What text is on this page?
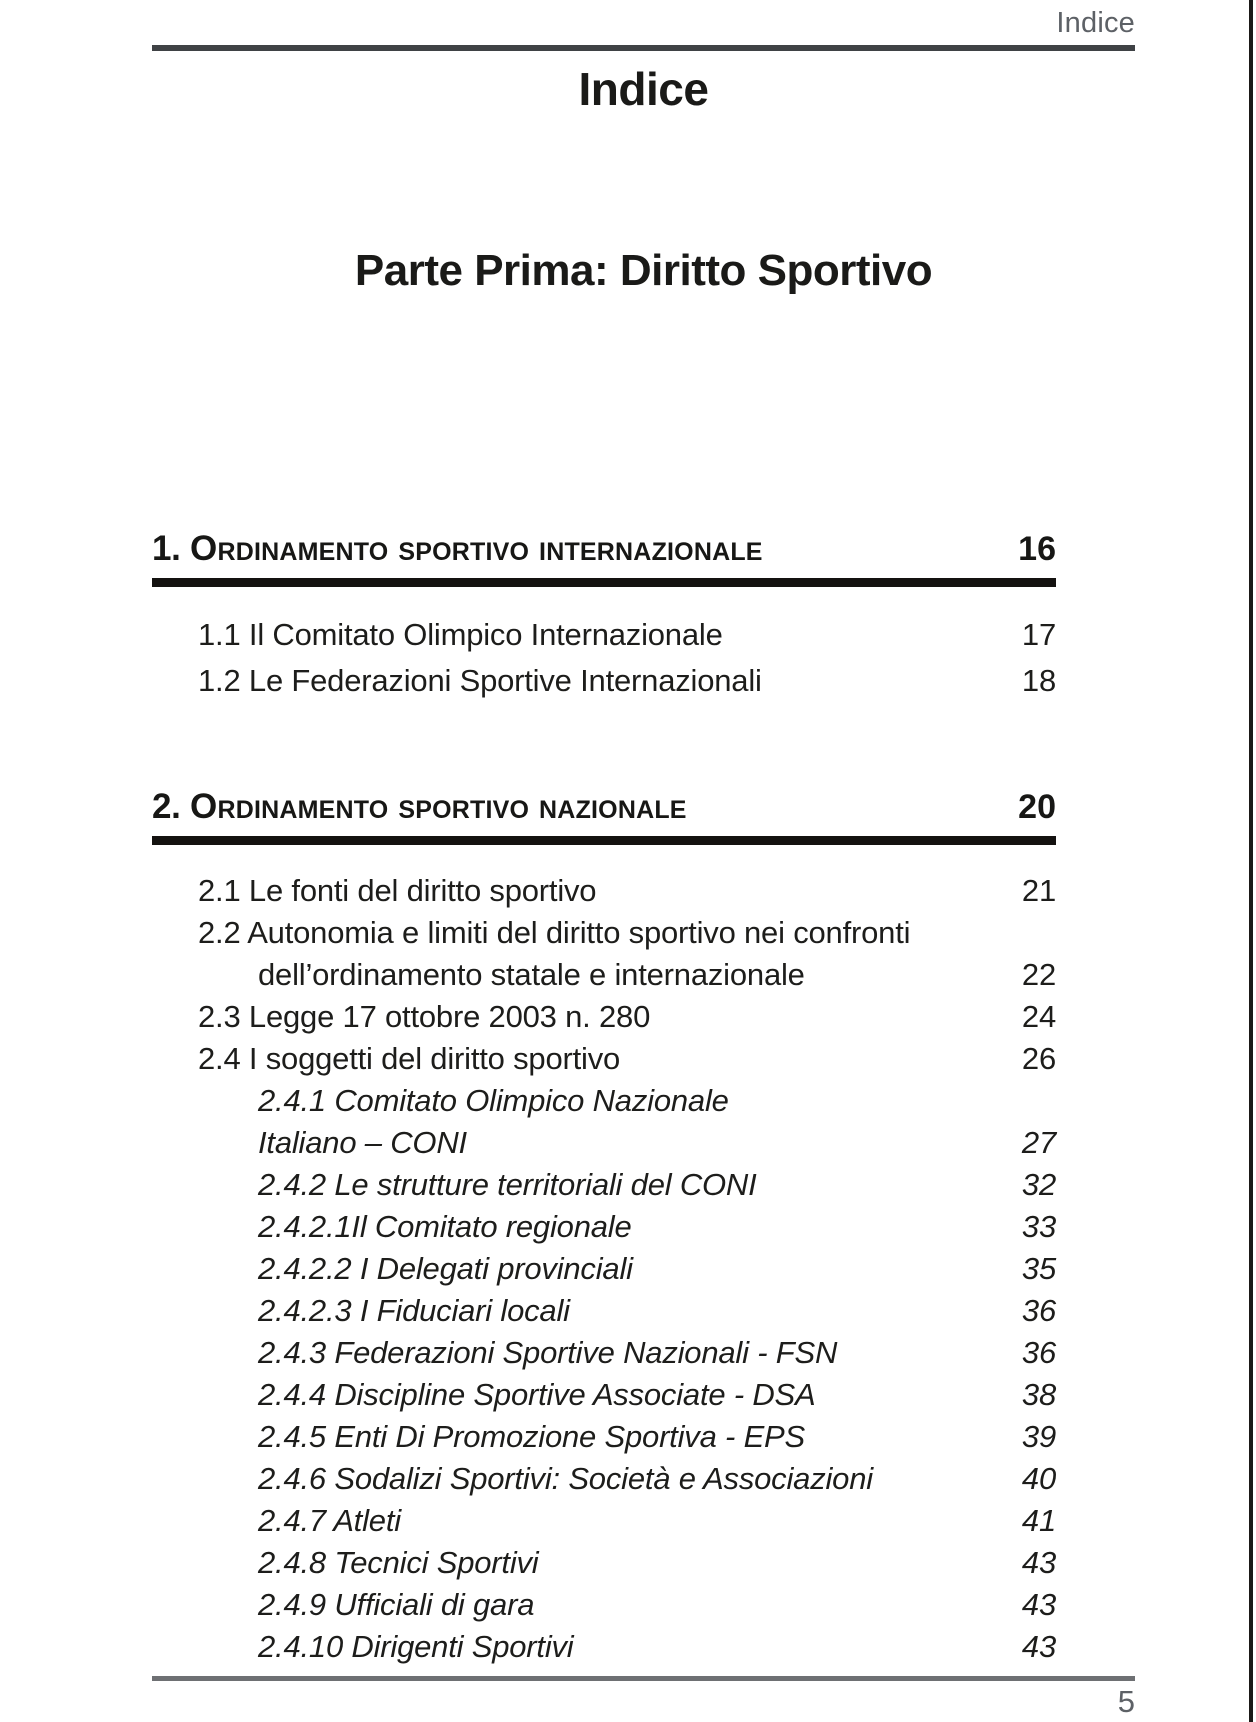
Indice
Indice
Parte Prima: Diritto Sportivo
1. Ordinamento sportivo internazionale	16
1.1 Il Comitato Olimpico Internazionale	17
1.2 Le Federazioni Sportive Internazionali	18
2. Ordinamento sportivo nazionale	20
2.1 Le fonti del diritto sportivo	21
2.2 Autonomia e limiti del diritto sportivo nei confronti
dell’ordinamento statale e internazionale	22
2.3 Legge 17 ottobre 2003 n. 280	24
2.4 I soggetti del diritto sportivo	26
2.4.1 Comitato Olimpico Nazionale
Italiano – CONI	27
2.4.2 Le strutture territoriali del CONI	32
2.4.2.1Il Comitato regionale	33
2.4.2.2 I Delegati provinciali	35
2.4.2.3 I Fiduciari locali	36
2.4.3 Federazioni Sportive Nazionali - FSN	36
2.4.4 Discipline Sportive Associate - DSA	38
2.4.5 Enti Di Promozione Sportiva - EPS	39
2.4.6 Sodalizi Sportivi: Società e Associazioni	40
2.4.7 Atleti	41
2.4.8 Tecnici Sportivi	43
2.4.9 Ufficiali di gara	43
2.4.10 Dirigenti Sportivi	43
5
